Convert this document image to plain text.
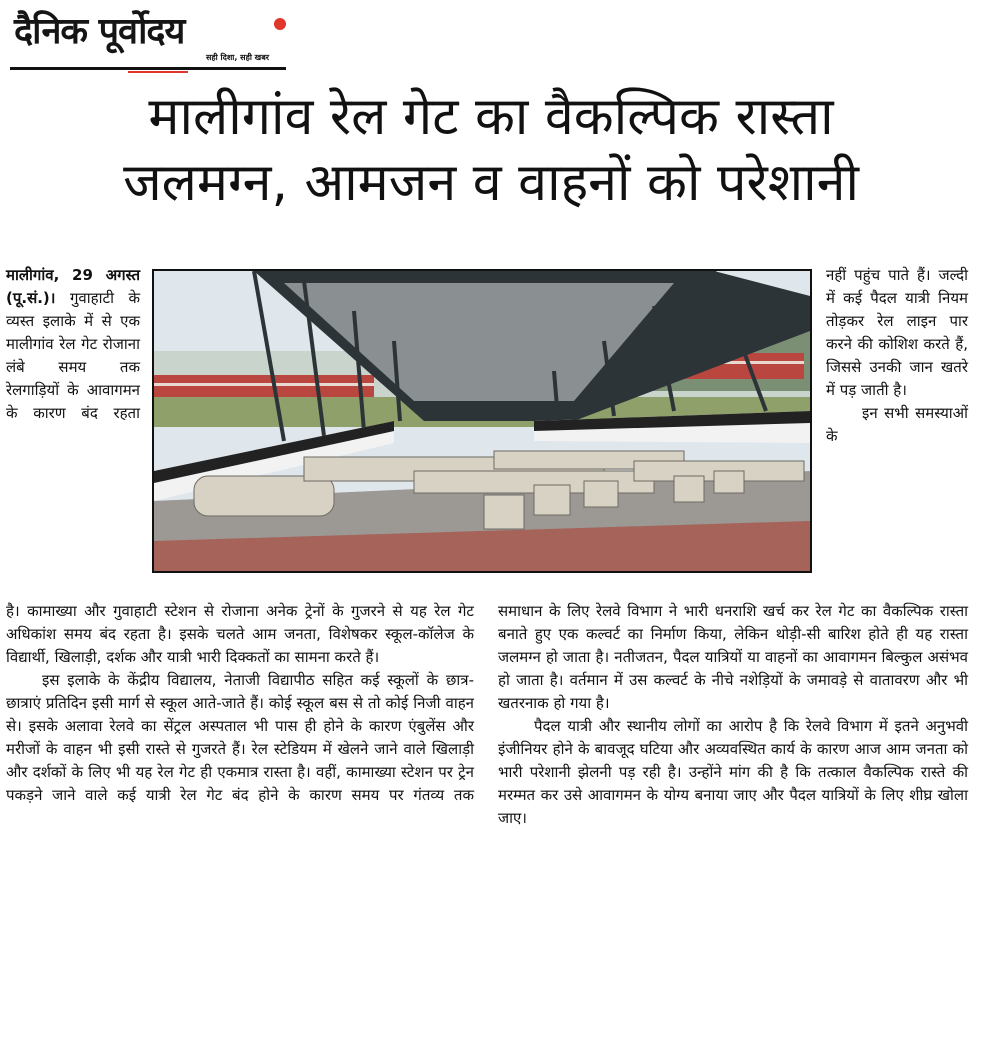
दैनिक पूर्वोदय
सही दिशा, सही खबर
मालीगांव रेल गेट का वैकल्पिक रास्ता
जलमग्न, आमजन व वाहनों को परेशानी

मालीगांव, 29 अगस्त (पू.सं.)। गुवाहाटी के व्यस्त इलाके में से एक मालीगांव रेल गेट रोजाना लंबे समय तक रेलगाड़ियों के आवागमन के कारण बंद रहता

नहीं पहुंच पाते हैं। जल्दी में कई पैदल यात्री नियम तोड़कर रेल लाइन पार करने की कोशिश करते हैं, जिससे उनकी जान खतरे में पड़ जाती है।

इन सभी समस्याओं के

है। कामाख्या और गुवाहाटी स्टेशन से रोजाना अनेक ट्रेनों के गुजरने से यह रेल गेट अधिकांश समय बंद रहता है। इसके चलते आम जनता, विशेषकर स्कूल-कॉलेज के विद्यार्थी, खिलाड़ी, दर्शक और यात्री भारी दिक्कतों का सामना करते हैं।

इस इलाके के केंद्रीय विद्यालय, नेताजी विद्यापीठ सहित कई स्कूलों के छात्र-छात्राएं प्रतिदिन इसी मार्ग से स्कूल आते-जाते हैं। कोई स्कूल बस से तो कोई निजी वाहन से। इसके अलावा रेलवे का सेंट्रल अस्पताल भी पास ही होने के कारण एंबुलेंस और मरीजों के वाहन भी इसी रास्ते से गुजरते हैं। रेल स्टेडियम में खेलने जाने वाले खिलाड़ी और दर्शकों के लिए भी यह रेल गेट ही एकमात्र रास्ता है। वहीं, कामाख्या स्टेशन पर ट्रेन पकड़ने जाने वाले कई यात्री रेल गेट बंद होने के कारण समय पर गंतव्य तक

समाधान के लिए रेलवे विभाग ने भारी धनराशि खर्च कर रेल गेट का वैकल्पिक रास्ता बनाते हुए एक कल्वर्ट का निर्माण किया, लेकिन थोड़ी-सी बारिश होते ही यह रास्ता जलमग्न हो जाता है। नतीजतन, पैदल यात्रियों या वाहनों का आवागमन बिल्कुल असंभव हो जाता है। वर्तमान में उस कल्वर्ट के नीचे नशेड़ियों के जमावड़े से वातावरण और भी खतरनाक हो गया है।

पैदल यात्री और स्थानीय लोगों का आरोप है कि रेलवे विभाग में इतने अनुभवी इंजीनियर होने के बावजूद घटिया और अव्यवस्थित कार्य के कारण आज आम जनता को भारी परेशानी झेलनी पड़ रही है। उन्होंने मांग की है कि तत्काल वैकल्पिक रास्ते की मरम्मत कर उसे आवागमन के योग्य बनाया जाए और पैदल यात्रियों के लिए शीघ्र खोला जाए।
